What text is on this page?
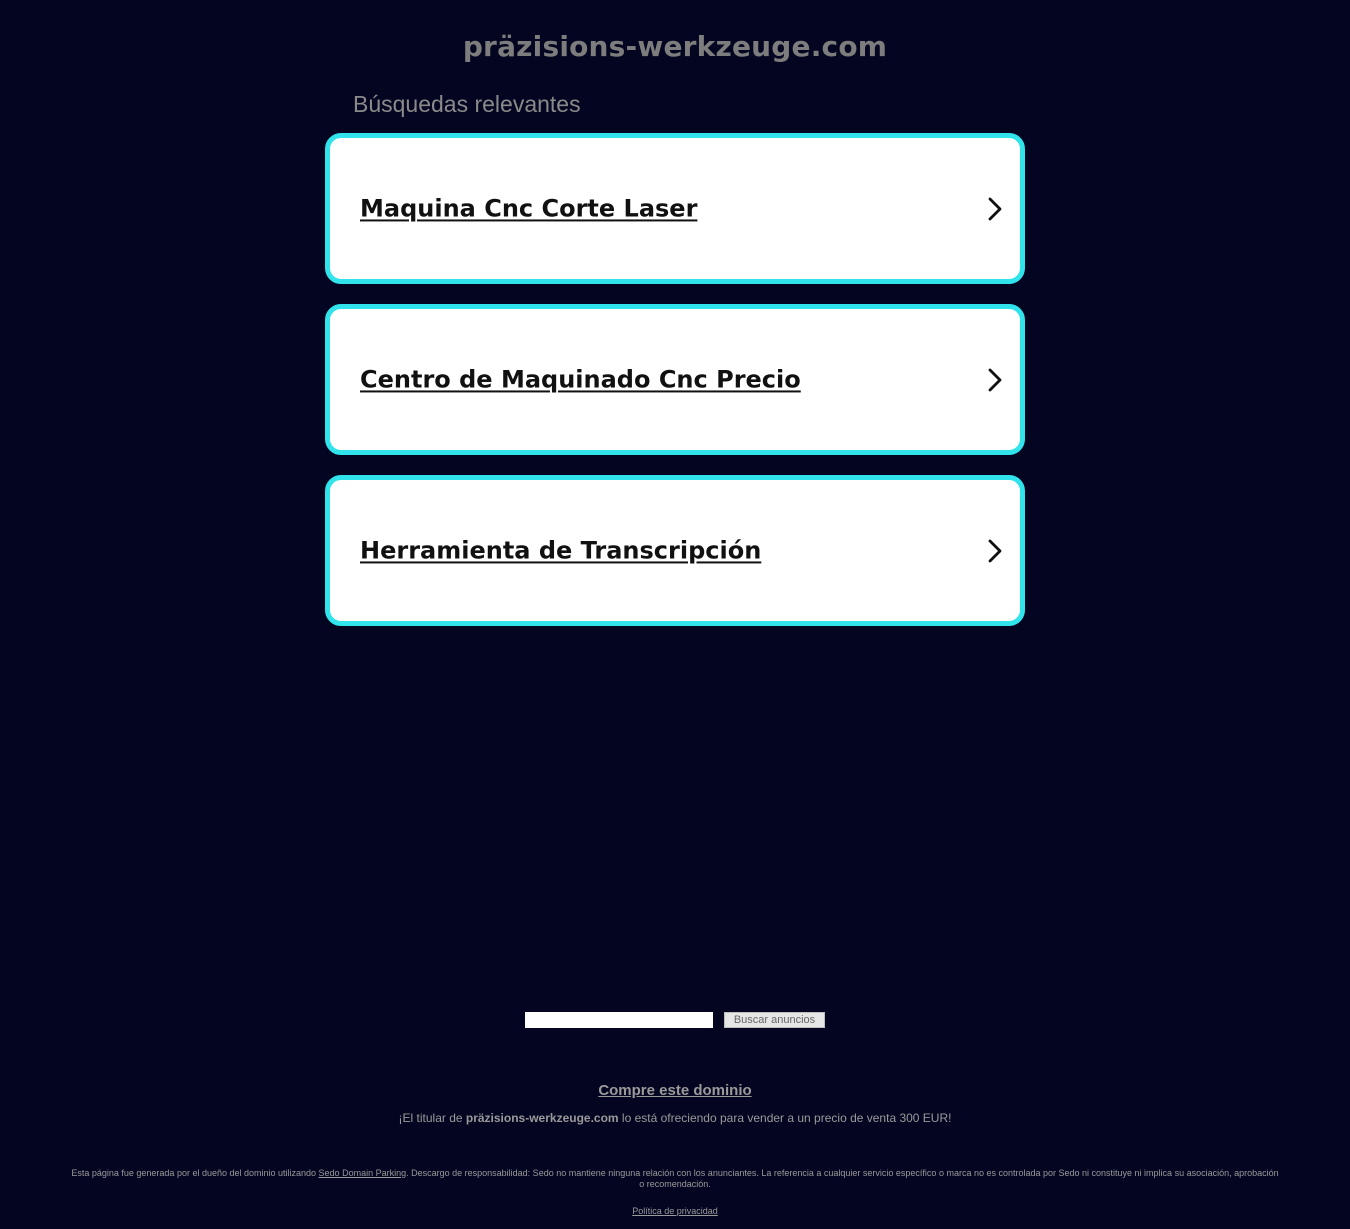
präzisions-werkzeuge.com
Búsquedas relevantes
Maquina Cnc Corte Laser
Centro de Maquinado Cnc Precio
Herramienta de Transcripción
Buscar anuncios
Compre este dominio
¡El titular de präzisions-werkzeuge.com lo está ofreciendo para vender a un precio de venta 300 EUR!
Esta página fue generada por el dueño del dominio utilizando Sedo Domain Parking. Descargo de responsabilidad: Sedo no mantiene ninguna relación con los anunciantes. La referencia a cualquier servicio específico o marca no es controlada por Sedo ni constituye ni implica su asociación, aprobación o recomendación.
Política de privacidad
